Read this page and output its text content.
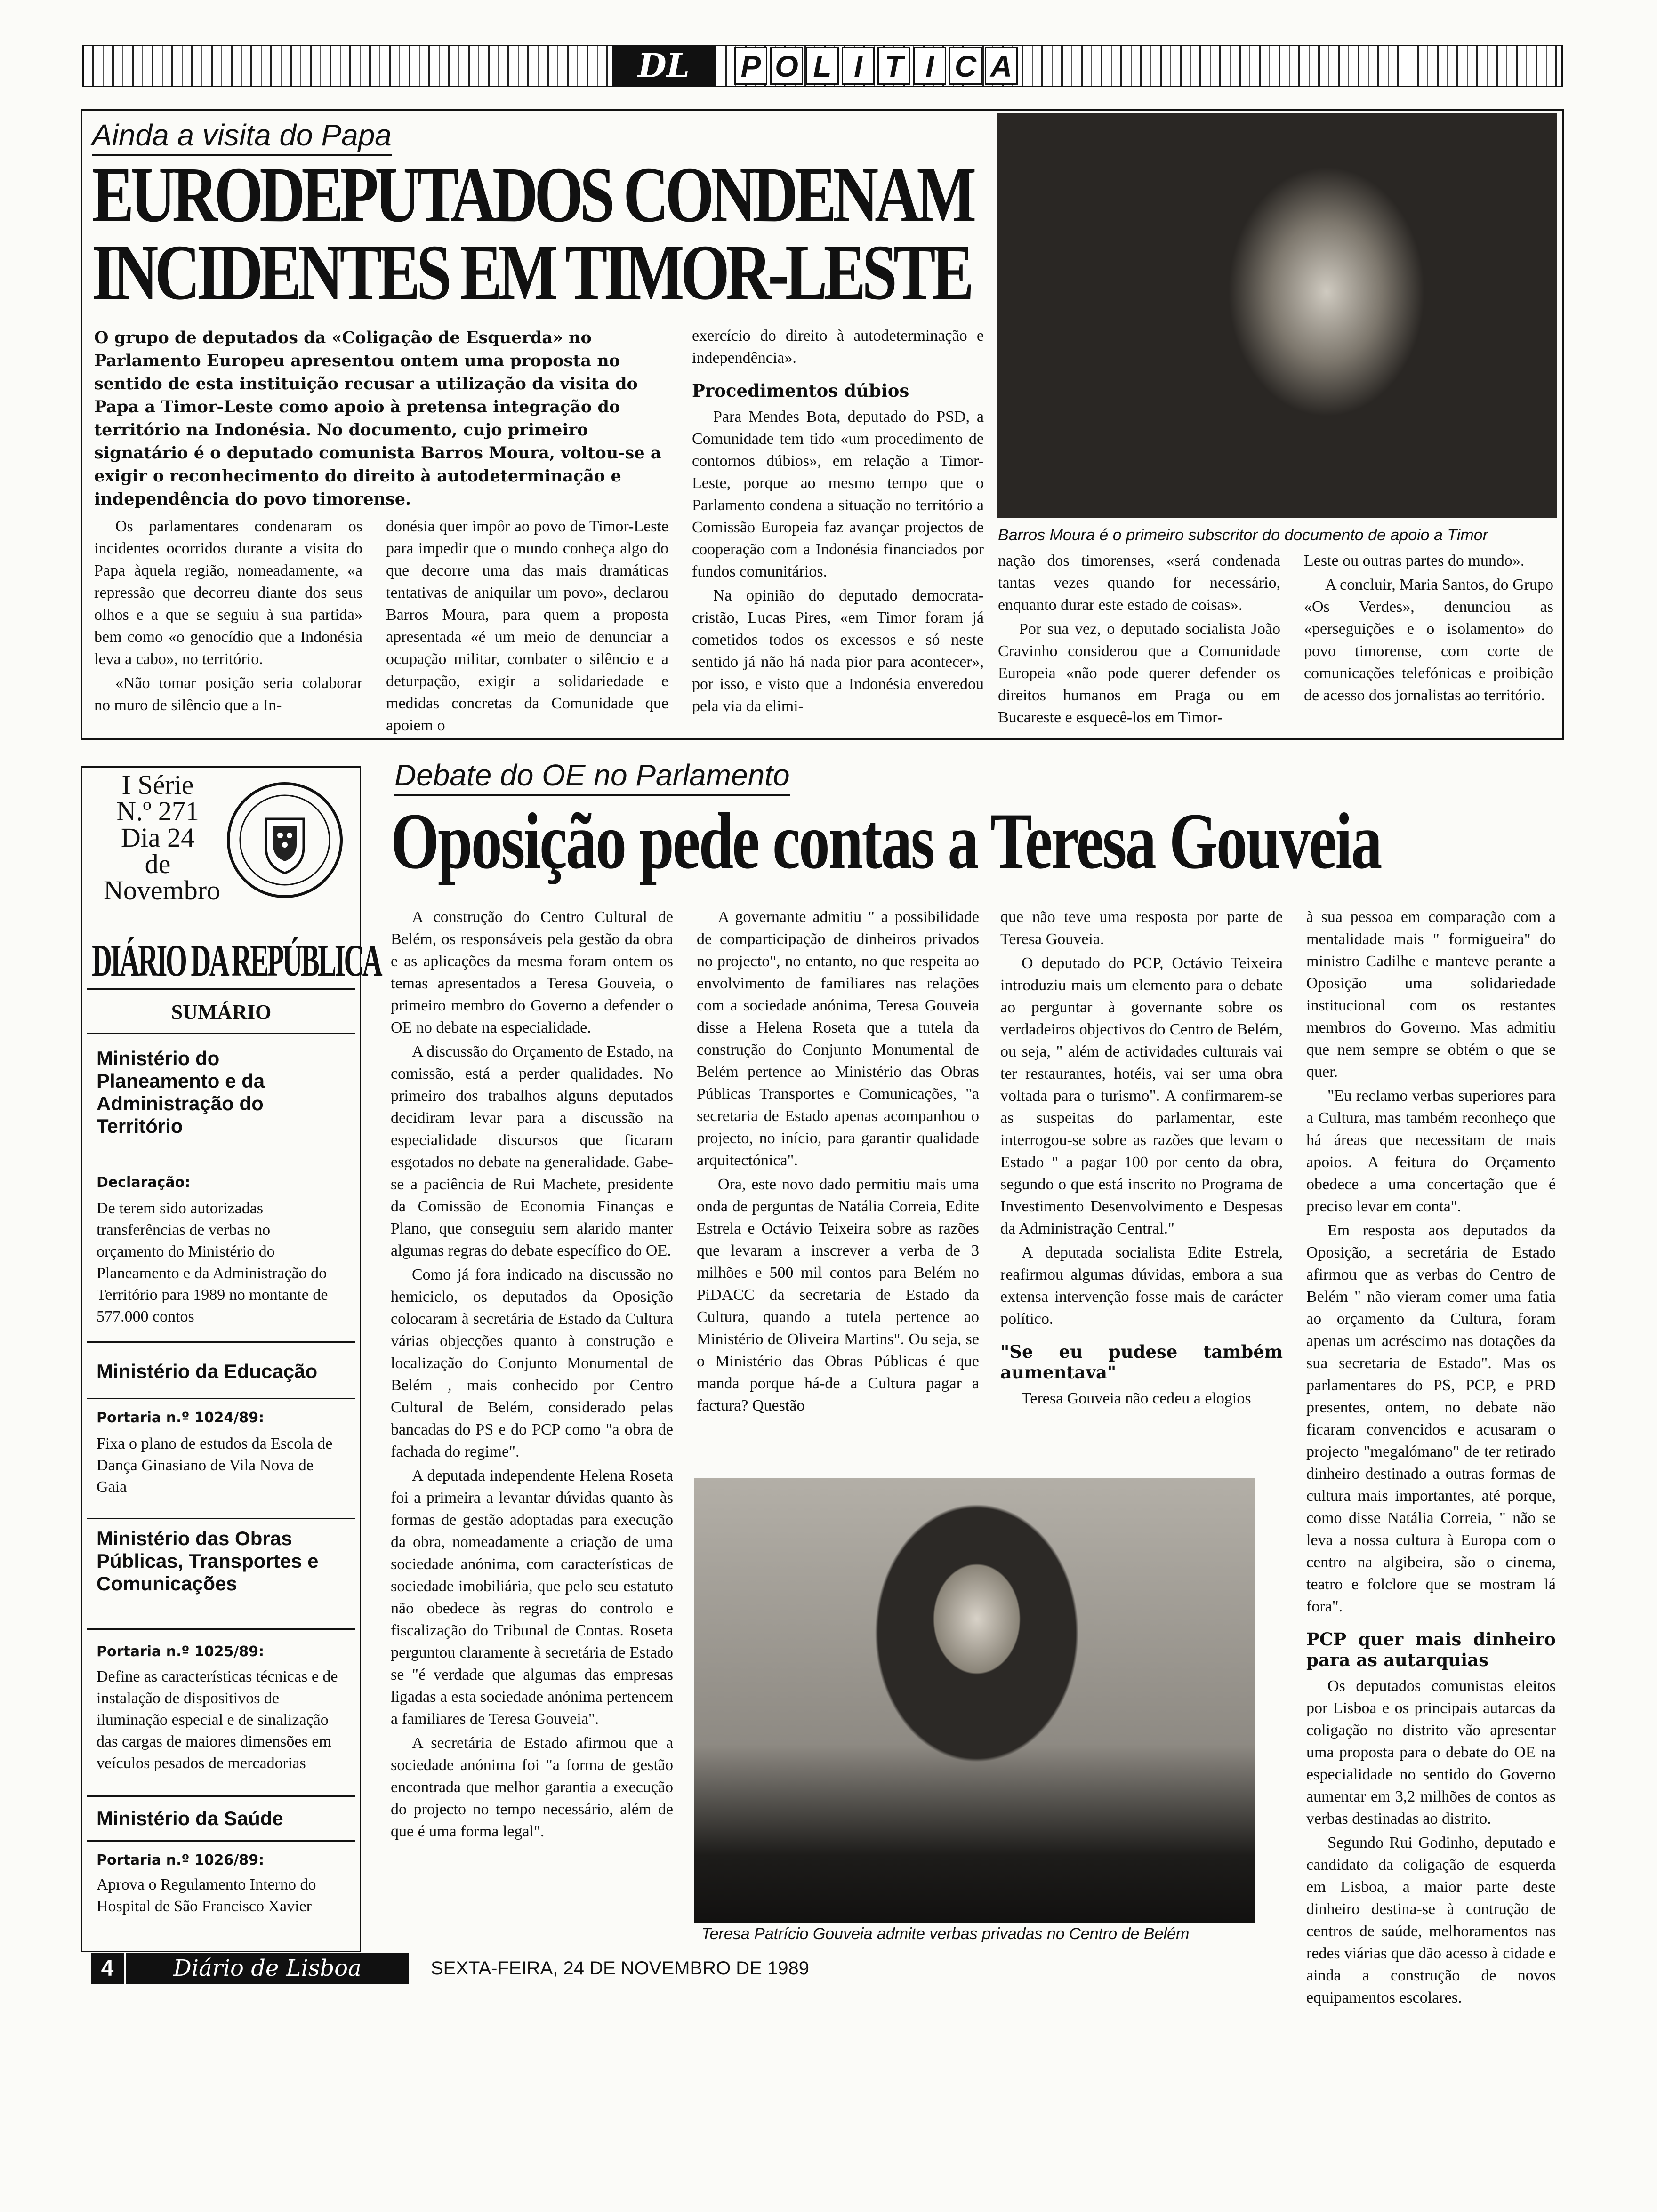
DL	P O L I T I C A
Ainda a visita do Papa
EURODEPUTADOS CONDENAM
INCIDENTES EM TIMOR-LESTE
O grupo de deputados da «Coligação de Esquerda» no Parlamento Europeu apresentou ontem uma proposta no sentido de esta instituição recusar a utilização da visita do Papa a Timor-Leste como apoio à pretensa integração do território na Indonésia. No documento, cujo primeiro signatário é o deputado comunista Barros Moura, voltou-se a exigir o reconhecimento do direito à autodeterminação e independência do povo timorense.

Os parlamentares condenaram os incidentes ocorridos durante a visita do Papa àquela região, nomeadamente, «a repressão que decorreu diante dos seus olhos e a que se seguiu à sua partida» bem como «o genocídio que a Indonésia leva a cabo», no território.

«Não tomar posição seria colaborar no muro de silêncio que a In-

donésia quer impôr ao povo de Timor-Leste para impedir que o mundo conheça algo do que decorre uma das mais dramáticas tentativas de aniquilar um povo», declarou Barros Moura, para quem a proposta apresentada «é um meio de denunciar a ocupação militar, combater o silêncio e a deturpação, exigir a solidariedade e medidas concretas da Comunidade que apoiem o

exercício do direito à autodeterminação e independência».

Procedimentos dúbios

Para Mendes Bota, deputado do PSD, a Comunidade tem tido «um procedimento de contornos dúbios», em relação a Timor-Leste, porque ao mesmo tempo que o Parlamento condena a situação no território a Comissão Europeia faz avançar projectos de cooperação com a Indonésia financiados por fundos comunitários.

Na opinião do deputado democrata-cristão, Lucas Pires, «em Timor foram já cometidos todos os excessos e só neste sentido já não há nada pior para acontecer», por isso, e visto que a Indonésia enveredou pela via da elimi-

Barros Moura é o primeiro subscritor do documento de apoio a Timor

nação dos timorenses, «será condenada tantas vezes quando for necessário, enquanto durar este estado de coisas».

Por sua vez, o deputado socialista João Cravinho considerou que a Comunidade Europeia «não pode querer defender os direitos humanos em Praga ou em Bucareste e esquecê-los em Timor-

Leste ou outras partes do mundo».

A concluir, Maria Santos, do Grupo «Os Verdes», denunciou as «perseguições e o isolamento» do povo timorense, com corte de comunicações telefónicas e proibição de acesso dos jornalistas ao território.

I Série
N.º 271
Dia 24
de
Novembro
DIÁRIO DA REPÚBLICA
SUMÁRIO
Ministério do Planeamento e da Administração do Território
Declaração:
De terem sido autorizadas transferências de verbas no orçamento do Ministério do Planeamento e da Administração do Território para 1989 no montante de 577.000 contos
Ministério da Educação
Portaria n.º 1024/89:
Fixa o plano de estudos da Escola de Dança Ginasiano de Vila Nova de Gaia
Ministério das Obras Públicas, Transportes e Comunicações
Portaria n.º 1025/89:
Define as características técnicas e de instalação de dispositivos de iluminação especial e de sinalização das cargas de maiores dimensões em veículos pesados de mercadorias
Ministério da Saúde
Portaria n.º 1026/89:
Aprova o Regulamento Interno do Hospital de São Francisco Xavier
Debate do OE no Parlamento
Oposição pede contas a Teresa Gouveia

A construção do Centro Cultural de Belém, os responsáveis pela gestão da obra e as aplicações da mesma foram ontem os temas apresentados a Teresa Gouveia, o primeiro membro do Governo a defender o OE no debate na especialidade.

A discussão do Orçamento de Estado, na comissão, está a perder qualidades. No primeiro dos trabalhos alguns deputados decidiram levar para a discussão na especialidade discursos que ficaram esgotados no debate na generalidade. Gabe-se a paciência de Rui Machete, presidente da Comissão de Economia Finanças e Plano, que conseguiu sem alarido manter algumas regras do debate específico do OE.

Como já fora indicado na discussão no hemiciclo, os deputados da Oposição colocaram à secretária de Estado da Cultura várias objecções quanto à construção e localização do Conjunto Monumental de Belém , mais conhecido por Centro Cultural de Belém, considerado pelas bancadas do PS e do PCP como "a obra de fachada do regime".

A deputada independente Helena Roseta foi a primeira a levantar dúvidas quanto às formas de gestão adoptadas para execução da obra, nomeadamente a criação de uma sociedade anónima, com características de sociedade imobiliária, que pelo seu estatuto não obedece às regras do controlo e fiscalização do Tribunal de Contas. Roseta perguntou claramente à secretária de Estado se "é verdade que algumas das empresas ligadas a esta sociedade anónima pertencem a familiares de Teresa Gouveia".

A secretária de Estado afirmou que a sociedade anónima foi "a forma de gestão encontrada que melhor garantia a execução do projecto no tempo necessário, além de que é uma forma legal".

A governante admitiu " a possibilidade de comparticipação de dinheiros privados no projecto", no entanto, no que respeita ao envolvimento de familiares nas relações com a sociedade anónima, Teresa Gouveia disse a Helena Roseta que a tutela da construção do Conjunto Monumental de Belém pertence ao Ministério das Obras Públicas Transportes e Comunicações, "a secretaria de Estado apenas acompanhou o projecto, no início, para garantir qualidade arquitectónica".

Ora, este novo dado permitiu mais uma onda de perguntas de Natália Correia, Edite Estrela e Octávio Teixeira sobre as razões que levaram a inscrever a verba de 3 milhões e 500 mil contos para Belém no PiDACC da secretaria de Estado da Cultura, quando a tutela pertence ao Ministério de Oliveira Martins". Ou seja, se o Ministério das Obras Públicas é que manda porque há-de a Cultura pagar a factura? Questão

que não teve uma resposta por parte de Teresa Gouveia.

O deputado do PCP, Octávio Teixeira introduziu mais um elemento para o debate ao perguntar à governante sobre os verdadeiros objectivos do Centro de Belém, ou seja, " além de actividades culturais vai ter restaurantes, hotéis, vai ser uma obra voltada para o turismo". A confirmarem-se as suspeitas do parlamentar, este interrogou-se sobre as razões que levam o Estado " a pagar 100 por cento da obra, segundo o que está inscrito no Programa de Investimento Desenvolvimento e Despesas da Administração Central."

A deputada socialista Edite Estrela, reafirmou algumas dúvidas, embora a sua extensa intervenção fosse mais de carácter político.

"Se eu pudese também aumentava"

Teresa Gouveia não cedeu a elogios

à sua pessoa em comparação com a mentalidade mais " formigueira" do ministro Cadilhe e manteve perante a Oposição uma solidariedade institucional com os restantes membros do Governo. Mas admitiu que nem sempre se obtém o que se quer.

"Eu reclamo verbas superiores para a Cultura, mas também reconheço que há áreas que necessitam de mais apoios. A feitura do Orçamento obedece a uma concertação que é preciso levar em conta".

Em resposta aos deputados da Oposição, a secretária de Estado afirmou que as verbas do Centro de Belém " não vieram comer uma fatia ao orçamento da Cultura, foram apenas um acréscimo nas dotações da sua secretaria de Estado". Mas os parlamentares do PS, PCP, e PRD presentes, ontem, no debate não ficaram convencidos e acusaram o projecto "megalómano" de ter retirado dinheiro destinado a outras formas de cultura mais importantes, até porque, como disse Natália Correia, " não se leva a nossa cultura à Europa com o centro na algibeira, são o cinema, teatro e folclore que se mostram lá fora".

PCP quer mais dinheiro para as autarquias

Os deputados comunistas eleitos por Lisboa e os principais autarcas da coligação no distrito vão apresentar uma proposta para o debate do OE na especialidade no sentido do Governo aumentar em 3,2 milhões de contos as verbas destinadas ao distrito.

Segundo Rui Godinho, deputado e candidato da coligação de esquerda em Lisboa, a maior parte deste dinheiro destina-se à contrução de centros de saúde, melhoramentos nas redes viárias que dão acesso à cidade e ainda a construção de novos equipamentos escolares.

Teresa Patrício Gouveia admite verbas privadas no Centro de Belém
4	Diário de Lisboa	SEXTA-FEIRA, 24 DE NOVEMBRO DE 1989
